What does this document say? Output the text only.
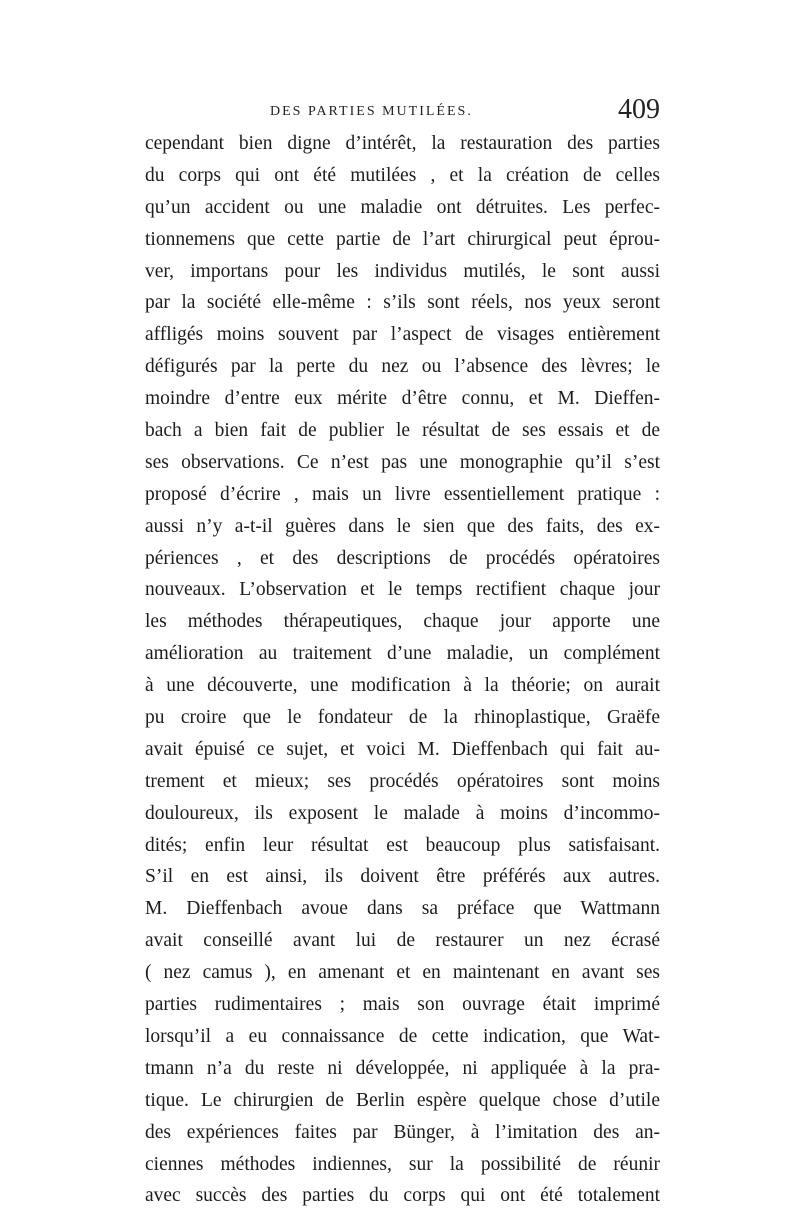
DES PARTIES MUTILÉES.	409
cependant bien digne d’intérêt, la restauration des parties
du corps qui ont été mutilées , et la création de celles
qu’un accident ou une maladie ont détruites. Les perfec-
tionnemens que cette partie de l’art chirurgical peut éprou-
ver, importans pour les individus mutilés, le sont aussi
par la société elle-même : s’ils sont réels, nos yeux seront
affligés moins souvent par l’aspect de visages entièrement
défigurés par la perte du nez ou l’absence des lèvres; le
moindre d’entre eux mérite d’être connu, et M. Dieffen-
bach a bien fait de publier le résultat de ses essais et de
ses observations. Ce n’est pas une monographie qu’il s’est
proposé d’écrire , mais un livre essentiellement pratique :
aussi n’y a-t-il guères dans le sien que des faits, des ex-
périences , et des descriptions de procédés opératoires
nouveaux. L’observation et le temps rectifient chaque jour
les méthodes thérapeutiques, chaque jour apporte une
amélioration au traitement d’une maladie, un complément
à une découverte, une modification à la théorie; on aurait
pu croire que le fondateur de la rhinoplastique, Graëfe
avait épuisé ce sujet, et voici M. Dieffenbach qui fait au-
trement et mieux; ses procédés opératoires sont moins
douloureux, ils exposent le malade à moins d’incommo-
dités; enfin leur résultat est beaucoup plus satisfaisant.
S’il en est ainsi, ils doivent être préférés aux autres.
M. Dieffenbach avoue dans sa préface que Wattmann
avait conseillé avant lui de restaurer un nez écrasé
( nez camus ), en amenant et en maintenant en avant ses
parties rudimentaires ; mais son ouvrage était imprimé
lorsqu’il a eu connaissance de cette indication, que Wat-
tmann n’a du reste ni développée, ni appliquée à la pra-
tique. Le chirurgien de Berlin espère quelque chose d’utile
des expériences faites par Bünger, à l’imitation des an-
ciennes méthodes indiennes, sur la possibilité de réunir
avec succès des parties du corps qui ont été totalement
